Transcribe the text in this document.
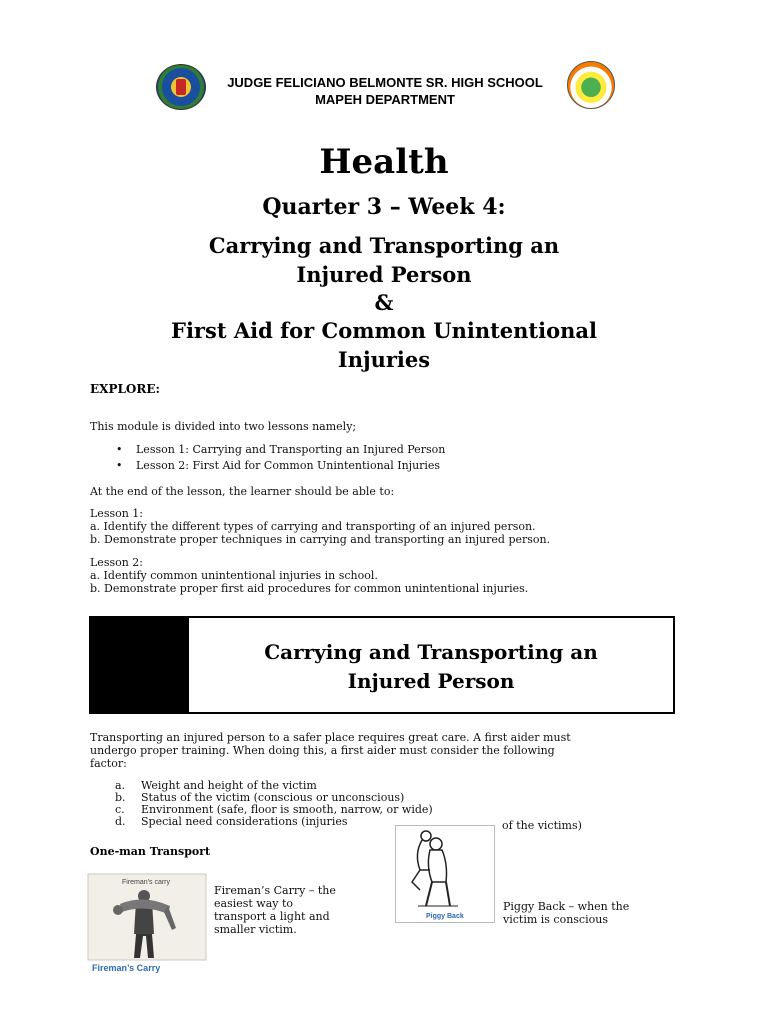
JUDGE FELICIANO BELMONTE SR. HIGH SCHOOL
MAPEH DEPARTMENT
Health
Quarter 3 – Week 4:
Carrying and Transporting an
Injured Person
&
First Aid for Common Unintentional
Injuries
EXPLORE:
This module is divided into two lessons namely;
• Lesson 1: Carrying and Transporting an Injured Person
• Lesson 2: First Aid for Common Unintentional Injuries
At the end of the lesson, the learner should be able to:
Lesson 1:
a. Identify the different types of carrying and transporting of an injured person.
b. Demonstrate proper techniques in carrying and transporting an injured person.
Lesson 2:
a. Identify common unintentional injuries in school.
b. Demonstrate proper first aid procedures for common unintentional injuries.
Carrying and Transporting an
Injured Person
Transporting an injured person to a safer place requires great care. A first aider must
undergo proper training. When doing this, a first aider must consider the following
factor:
a. Weight and height of the victim
b. Status of the victim (conscious or unconscious)
c. Environment (safe, floor is smooth, narrow, or wide)
d. Special need considerations (injuries	of the victims)
One-man Transport
Fireman's carry
Fireman’s Carry
Fireman’s Carry – the
easiest way to
transport a light and
smaller victim.
Piggy Back
Piggy Back – when the
victim is conscious
